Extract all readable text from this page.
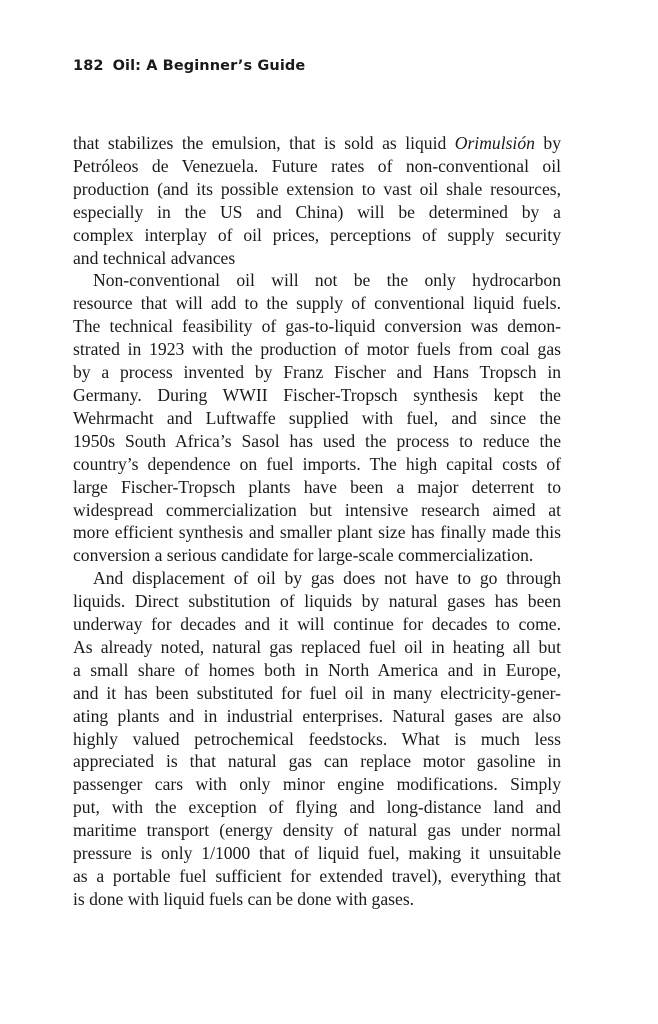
182 Oil: A Beginner’s Guide
that stabilizes the emulsion, that is sold as liquid Orimulsión by
Petróleos de Venezuela. Future rates of non-conventional oil
production (and its possible extension to vast oil shale resources,
especially in the US and China) will be determined by a
complex interplay of oil prices, perceptions of supply security
and technical advances
Non-conventional oil will not be the only hydrocarbon
resource that will add to the supply of conventional liquid fuels.
The technical feasibility of gas-to-liquid conversion was demon-
strated in 1923 with the production of motor fuels from coal gas
by a process invented by Franz Fischer and Hans Tropsch in
Germany. During WWII Fischer-Tropsch synthesis kept the
Wehrmacht and Luftwaffe supplied with fuel, and since the
1950s South Africa’s Sasol has used the process to reduce the
country’s dependence on fuel imports. The high capital costs of
large Fischer-Tropsch plants have been a major deterrent to
widespread commercialization but intensive research aimed at
more efficient synthesis and smaller plant size has finally made this
conversion a serious candidate for large-scale commercialization.
And displacement of oil by gas does not have to go through
liquids. Direct substitution of liquids by natural gases has been
underway for decades and it will continue for decades to come.
As already noted, natural gas replaced fuel oil in heating all but
a small share of homes both in North America and in Europe,
and it has been substituted for fuel oil in many electricity-gener-
ating plants and in industrial enterprises. Natural gases are also
highly valued petrochemical feedstocks. What is much less
appreciated is that natural gas can replace motor gasoline in
passenger cars with only minor engine modifications. Simply
put, with the exception of flying and long-distance land and
maritime transport (energy density of natural gas under normal
pressure is only 1/1000 that of liquid fuel, making it unsuitable
as a portable fuel sufficient for extended travel), everything that
is done with liquid fuels can be done with gases.
